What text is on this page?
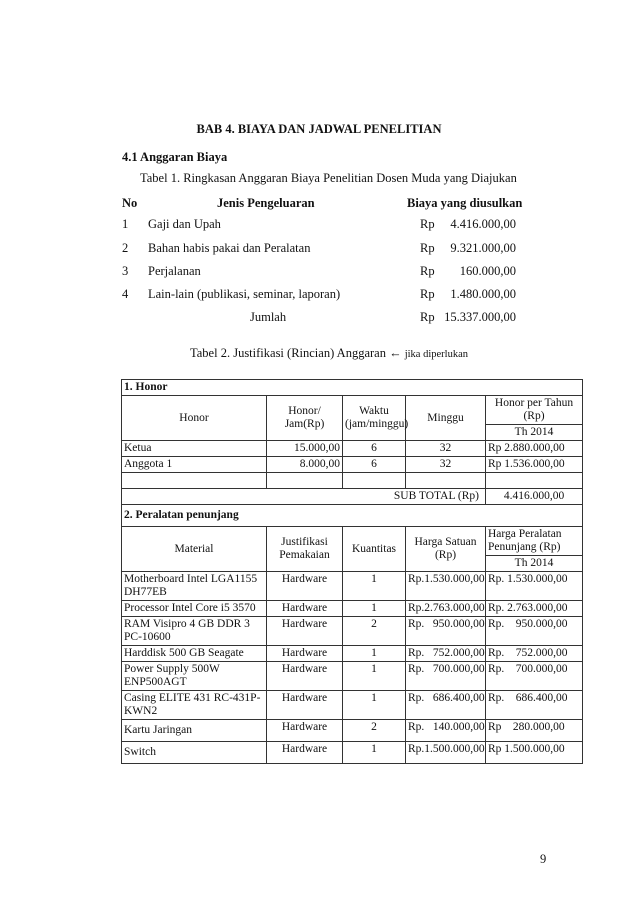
BAB 4. BIAYA DAN JADWAL PENELITIAN
4.1 Anggaran Biaya
Tabel 1. Ringkasan Anggaran Biaya Penelitian Dosen Muda yang Diajukan
No	Jenis Pengeluaran	Biaya yang diusulkan
1 Gaji dan Upah	Rp	4.416.000,00
2 Bahan habis pakai dan Peralatan	Rp	9.321.000,00
3 Perjalanan	Rp	160.000,00
4 Lain-lain (publikasi, seminar, laporan)	Rp	1.480.000,00
Jumlah	Rp 15.337.000,00
Tabel 2. Justifikasi (Rincian) Anggaran ← jika diperlukan
1. Honor				
Honor	Honor/ Jam(Rp)	Waktu (jam/minggu)	Minggu	Honor per Tahun (Rp)
				Th 2014
Ketua	15.000,00	6	32	Rp 2.880.000,00
Anggota 1	8.000,00	6	32	Rp 1.536.000,00

SUB TOTAL (Rp)				4.416.000,00
2. Peralatan penunjang				
Material	Justifikasi Pemakaian	Kuantitas	Harga Satuan (Rp)	Harga Peralatan Penunjang (Rp)
				Th 2014
Motherboard Intel LGA1155 DH77EB	Hardware	1	Rp.1.530.000,00	Rp. 1.530.000,00
Processor Intel Core i5 3570	Hardware	1	Rp.2.763.000,00	Rp. 2.763.000,00
RAM Visipro 4 GB DDR 3 PC-10600	Hardware	2	Rp.   950.000,00	Rp.    950.000,00
Harddisk 500 GB Seagate	Hardware	1	Rp.   752.000,00	Rp.    752.000,00
Power Supply 500W ENP500AGT	Hardware	1	Rp.   700.000,00	Rp.    700.000,00
Casing ELITE 431 RC-431P-KWN2	Hardware	1	Rp.   686.400,00	Rp.    686.400,00
Kartu Jaringan	Hardware	2	Rp.   140.000,00	Rp    280.000,00
Switch	Hardware	1	Rp.1.500.000,00	Rp 1.500.000,00
9
